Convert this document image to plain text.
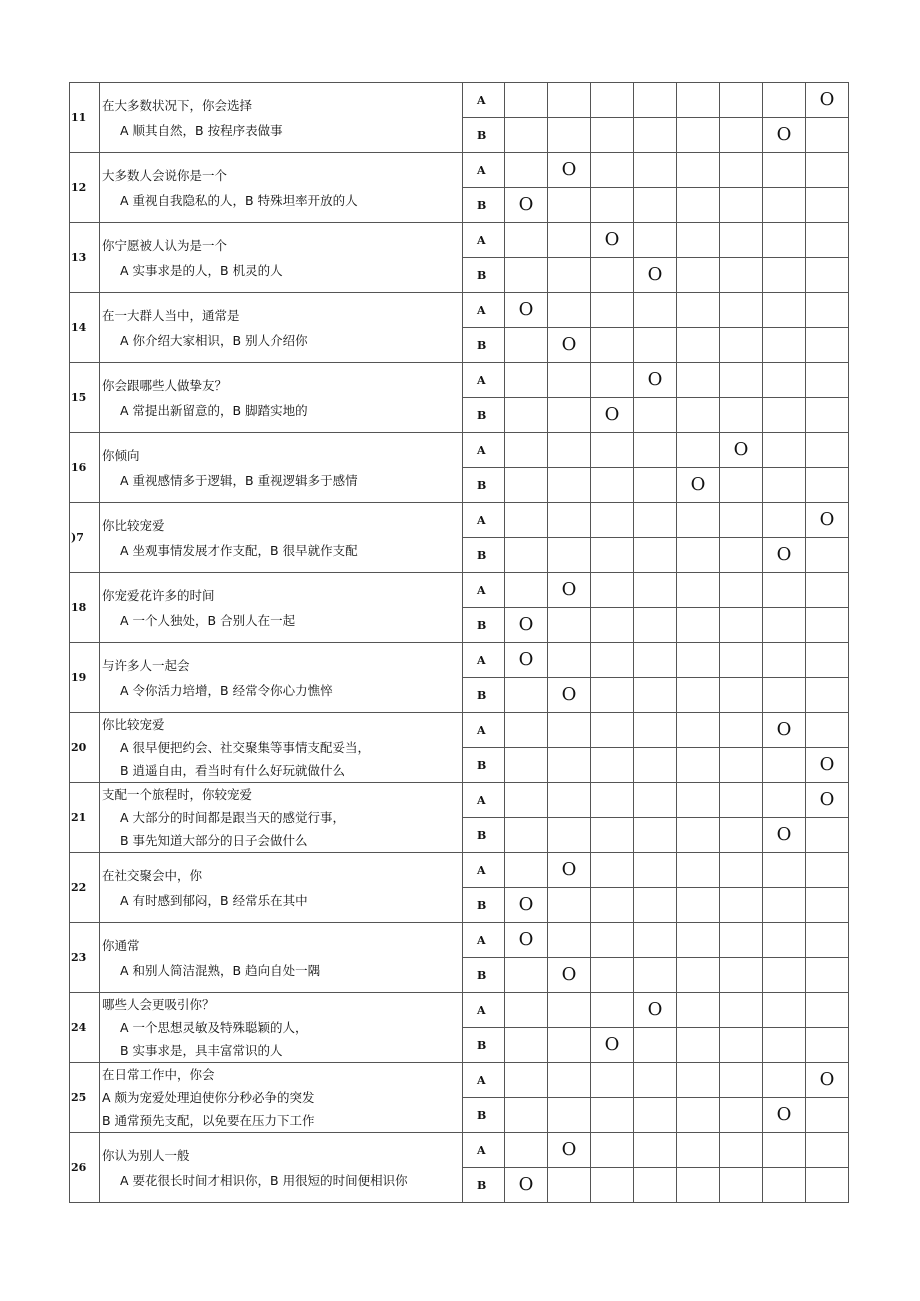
11	在大多数状况下，你会选择
A 顺其自然，B 按程序表做事	A								O
		B							O	
12	大多数人会说你是一个
A 重视自我隐私的人，B 特殊坦率开放的人	A		O						
		B	O							
13	你宁愿被人认为是一个
A 实事求是的人，B 机灵的人	A			O					
		B				O				
14	在一大群人当中，通常是
A 你介绍大家相识，B 别人介绍你	A	O							
		B		O						
15	你会跟哪些人做挚友？
A 常提出新留意的，B 脚踏实地的	A				O				
		B			O					
16	你倾向
A 重视感情多于逻辑，B 重视逻辑多于感情	A						O		
		B					O			
)7	你比较宠爱
A 坐观事情发展才作支配，B 很早就作支配	A								O
		B							O	
18	你宠爱花许多的时间
A 一个人独处，B 合别人在一起	A		O						
		B	O							
19	与许多人一起会
A 令你活力培增，B 经常令你心力憔悴	A	O							
		B		O						
20	你比较宠爱
A 很早便把约会、社交聚集等事情支配妥当，
B 逍遥自由，看当时有什么好玩就做什么	A							O	
		B								O
21	支配一个旅程时，你较宠爱
A 大部分的时间都是跟当天的感觉行事，
B 事先知道大部分的日子会做什么	A								O
		B							O	
22	在社交聚会中，你
A 有时感到郁闷，B 经常乐在其中	A		O						
		B	O							
23	你通常
A 和别人简洁混熟，B 趋向自处一隅	A	O							
		B		O						
24	哪些人会更吸引你？
A 一个思想灵敏及特殊聪颖的人，
B 实事求是，具丰富常识的人	A				O				
		B			O					
25	在日常工作中，你会
A 颇为宠爱处理迫使你分秒必争的突发
B 通常预先支配，以免要在压力下工作	A								O
		B							O	
26	你认为别人一般
A 要花很长时间才相识你，B 用很短的时间便相识你	A		O						
		B	O							
